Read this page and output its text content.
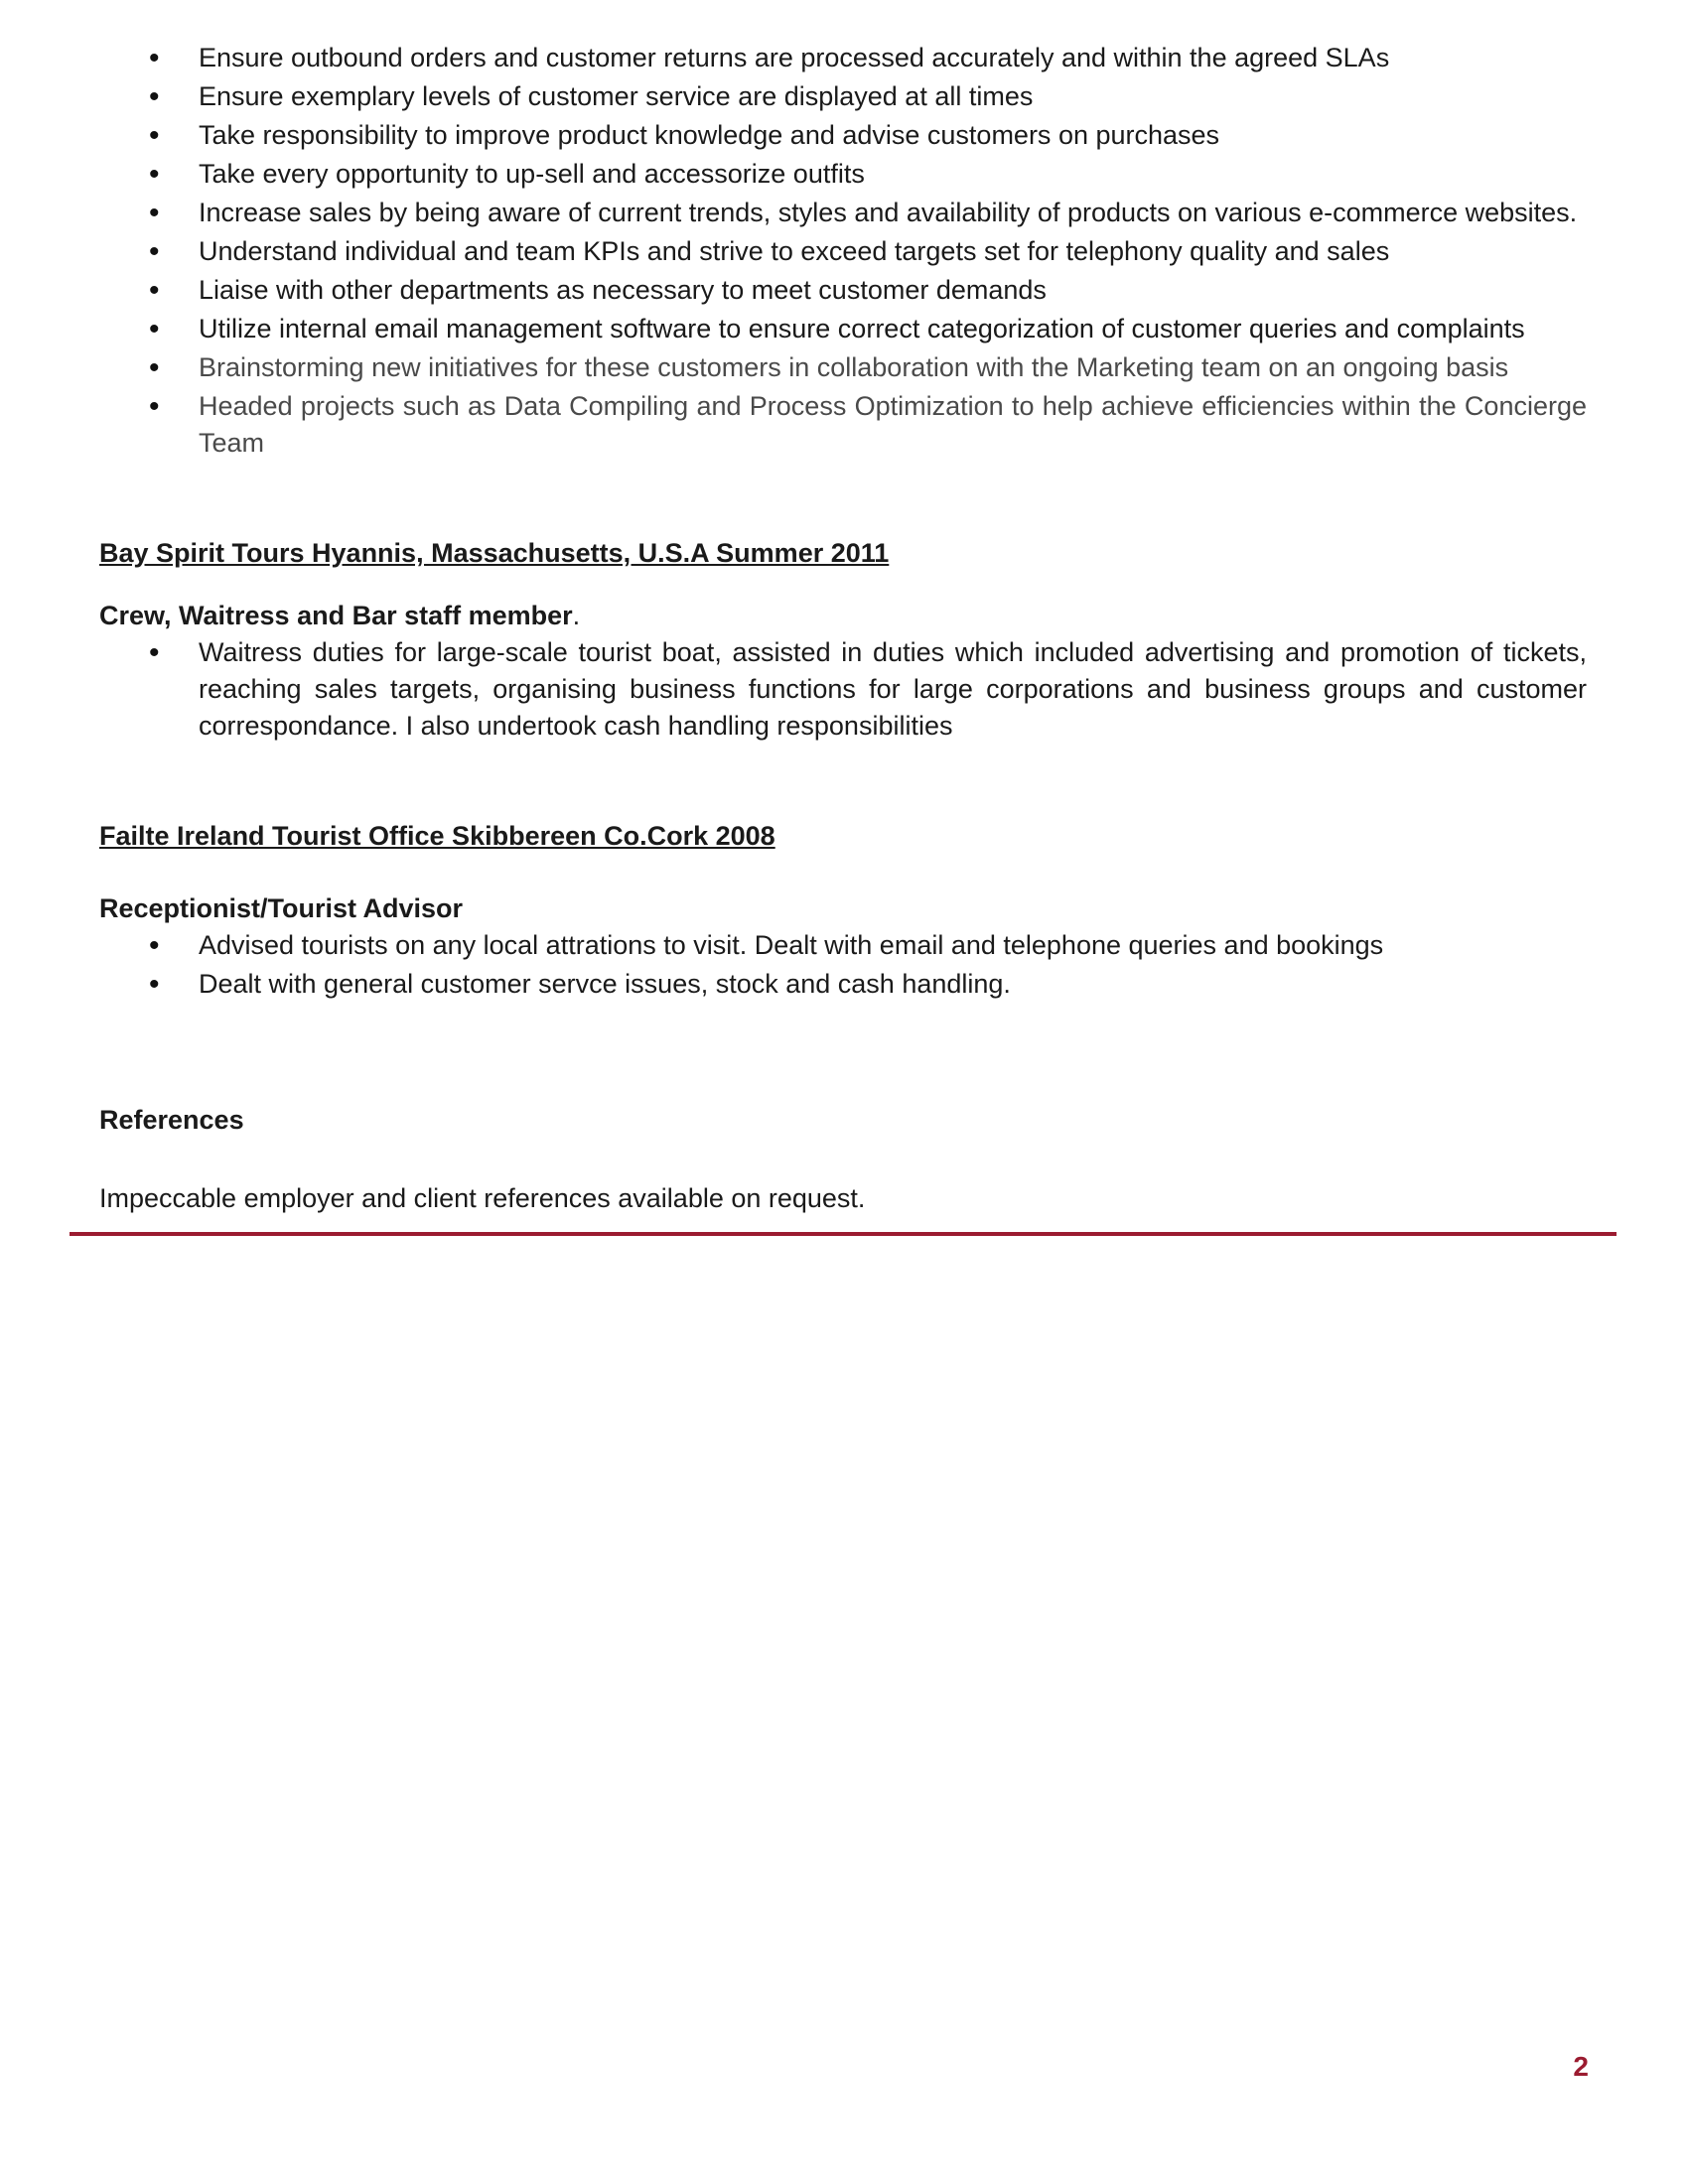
• Ensure outbound orders and customer returns are processed accurately and within the agreed SLAs
• Ensure exemplary levels of customer service are displayed at all times
• Take responsibility to improve product knowledge and advise customers on purchases
• Take every opportunity to up-sell and accessorize outfits
• Increase sales by being aware of current trends, styles and availability of products on various e-commerce websites.
• Understand individual and team KPIs and strive to exceed targets set for telephony quality and sales
• Liaise with other departments as necessary to meet customer demands
• Utilize internal email management software to ensure correct categorization of customer queries and complaints
• Brainstorming new initiatives for these customers in collaboration with the Marketing team on an ongoing basis
• Headed projects such as Data Compiling and Process Optimization to help achieve efficiencies within the Concierge Team

Bay Spirit Tours Hyannis, Massachusetts, U.S.A Summer 2011

Crew, Waitress and Bar staff member.

• Waitress duties for large-scale tourist boat, assisted in duties which included advertising and promotion of tickets, reaching sales targets, organising business functions for large corporations and business groups and customer correspondance. I also undertook cash handling responsibilities

Failte Ireland Tourist Office Skibbereen Co.Cork 2008

Receptionist/Tourist Advisor

• Advised tourists on any local attrations to visit. Dealt with email and telephone queries and bookings
• Dealt with general customer servce issues, stock and cash handling.

References

Impeccable employer and client references available on request.

2
